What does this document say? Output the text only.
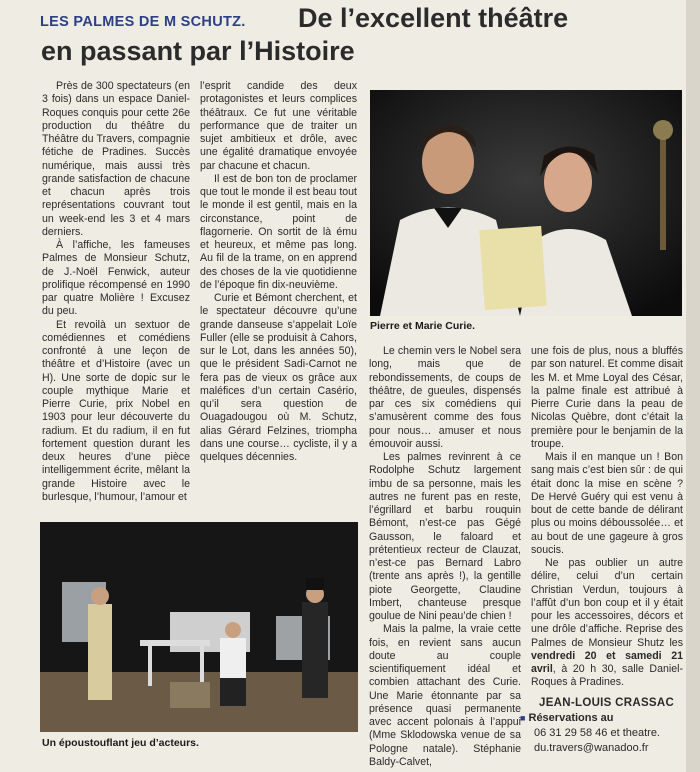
LES PALMES DE M SCHUTZ. De l’excellent théâtre
en passant par l’Histoire

Près de 300 spectateurs (en 3 fois) dans un espace Daniel-Roques conquis pour cette 26e production du théâtre du Théâtre du Travers, compagnie fétiche de Pradines. Succès numérique, mais aussi très grande satisfaction de chacune et chacun après trois représentations couvrant tout un week-end les 3 et 4 mars derniers.

À l’affiche, les fameuses Palmes de Monsieur Schutz, de J.-Noël Fenwick, auteur prolifique récompensé en 1990 par quatre Molière ! Excusez du peu.

Et revoilà un sextuor de comédiennes et comédiens confronté à une leçon de théâtre et d’Histoire (avec un H). Une sorte de dopic sur le couple mythique Marie et Pierre Curie, prix Nobel en 1903 pour leur découverte du radium. Et du radium, il en fut fortement question durant les deux heures d’une pièce intelligemment écrite, mêlant la grande Histoire avec le burlesque, l’humour, l’amour et

l’esprit candide des deux protagonistes et leurs complices théâtraux. Ce fut une véritable performance que de traiter un sujet ambitieux et drôle, avec une égalité dramatique envoyée par chacune et chacun.

Il est de bon ton de proclamer que tout le monde il est beau tout le monde il est gentil, mais en la circonstance, point de flagornerie. On sortit de là ému et heureux, et même pas long. Au fil de la trame, on en apprend des choses de la vie quotidienne de l’époque fin dix-neuvième.

Curie et Bémont cherchent, et le spectateur découvre qu’une grande danseuse s’appelait Loïe Fuller (elle se produisit à Cahors, sur le Lot, dans les années 50), que le président Sadi-Carnot ne fera pas de vieux os grâce aux maléfices d’un certain Casério, qu’il sera question de Ouagadougou où M. Schutz, alias Gérard Felzines, triompha dans une course… cycliste, il y a quelques décennies.

Pierre et Marie Curie.

Le chemin vers le Nobel sera long, mais que de rebondissements, de coups de théâtre, de gueules, dispensés par ces six comédiens qui s’amusèrent comme des fous pour nous… amuser et nous émouvoir aussi.

Les palmes revinrent à ce Rodolphe Schutz largement imbu de sa personne, mais les autres ne furent pas en reste, l’égrillard et barbu rouquin Bémont, n’est-ce pas Gégé Gausson, le faloard et prétentieux recteur de Clauzat, n’est-ce pas Bernard Labro (trente ans après !), la gentille piote Georgette, Claudine Imbert, chanteuse presque goulue de Nini peau’de chien !

Mais la palme, la vraie cette fois, en revient sans aucun doute au couple scientifiquement idéal et combien attachant des Curie. Une Marie étonnante par sa présence quasi permanente avec accent polonais à l’appui (Mme Sklodowska venue de sa Pologne natale). Stéphanie Baldy-Calvet,

une fois de plus, nous a bluffés par son naturel. Et comme disait les M. et Mme Loyal des César, la palme finale est attribué à Pierre Curie dans la peau de Nicolas Quèbre, dont c’était la première pour le benjamin de la troupe.

Mais il en manque un ! Bon sang mais c’est bien sûr : de qui était donc la mise en scène ? De Hervé Guéry qui est venu à bout de cette bande de délirant plus ou moins déboussolée… et au bout de une gageure à gros soucis.

Ne pas oublier un autre délire, celui d’un certain Christian Verdun, toujours à l’affût d’un bon coup et il y était pour les accessoires, décors et une drôle d’affiche. Reprise des Palmes de Monsieur Shutz les vendredi 20 et samedi 21 avril, à 20 h 30, salle Daniel-Roques à Pradines.

JEAN-LOUIS CRASSAC
■ Réservations au
06 31 29 58 46 et theatre.
du.travers@wanadoo.fr
Un époustouflant jeu d’acteurs.
